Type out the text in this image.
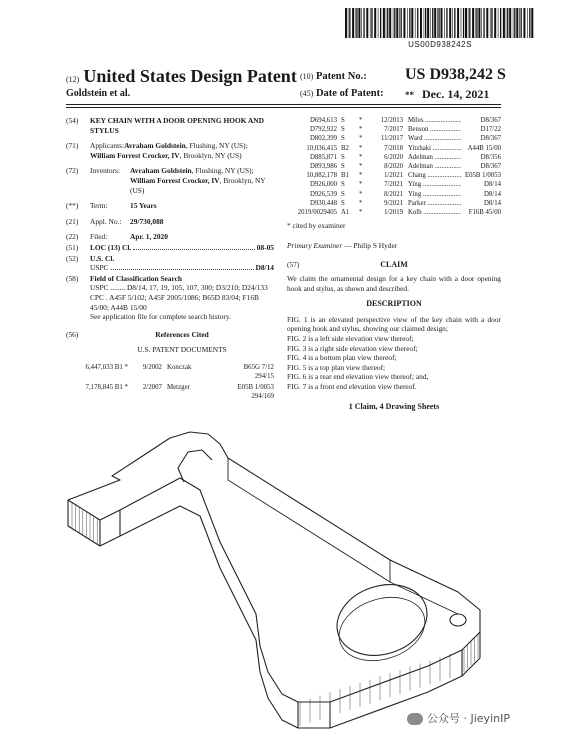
US00D938242S
(12) United States Design Patent
Goldstein et al.
(10) Patent No.: US D938,242 S
(45) Date of Patent: ** Dec. 14, 2021
(54)	KEY CHAIN WITH A DOOR OPENING HOOK AND STYLUS
(71)	Applicants:Avraham Goldstein, Flushing, NY (US); William Forrest Crocker, IV, Brooklyn, NY (US)
(72)	Inventors:	Avraham Goldstein, Flushing, NY (US); William Forrest Crocker, IV, Brooklyn, NY (US)
(**)	Term:	15 Years
(21)	Appl. No.:	29/730,088
(22)	Filed:	Apr. 1, 2020
(51)	LOC (13) Cl.	08-05
(52)	U.S. Cl.
USPC	D8/14
(58)	Field of Classification Search
USPC ........ D8/14, 17, 19, 105, 107, 300; D3/210; D24/133
CPC . A45F 5/102; A45F 2005/1086; B65D 83/04; F16B 45/00; A44B 15/00
See application file for complete search history.
(56)	References Cited
U.S. PATENT DOCUMENTS
6,447,033 B1 *	9/2002 Konczak	B65G 7/12
294/15
7,178,845 B1 *	2/2007 Metzger	E05B 1/0053
294/169
D694,613 S	*	12/2013 Miles .....	D8/367
D792,922 S	*	7/2017 Benson .....	D17/22
D802,399 S	*	11/2017 Ward .....	D8/367
10,036,415 B2	*	7/2018 Yitzhaki .....	A44B 15/00
D885,871 S	*	6/2020 Adelman .....	D8/356
D893,986 S	*	8/2020 Adelman .....	D8/367
10,882,178 B1	*	1/2021 Chang .....	E05B 1/0053
D926,000 S	*	7/2021 Ying .....	D8/14
D926,539 S	*	8/2021 Ying .....	D8/14
D930,448 S	*	9/2021 Parker .....	D8/14
2019/0029405 A1	*	1/2019 Kolb .....	F16B 45/00
* cited by examiner
Primary Examiner — Philip S Hyder
(57)	CLAIM
We claim the ornamental design for a key chain with a door opening hook and stylus, as shown and described.
DESCRIPTION
FIG. 1 is an elevated perspective view of the key chain with a door opening hook and stylus, showing our claimed design;
FIG. 2 is a left side elevation view thereof;
FIG. 3 is a right side elevation view thereof;
FIG. 4 is a bottom plan view thereof;
FIG. 5 is a top plan view thereof;
FIG. 6 is a rear end elevation view thereof; and,
FIG. 7 is a front end elevation view thereof.
1 Claim, 4 Drawing Sheets
公众号 · JieyinIP
